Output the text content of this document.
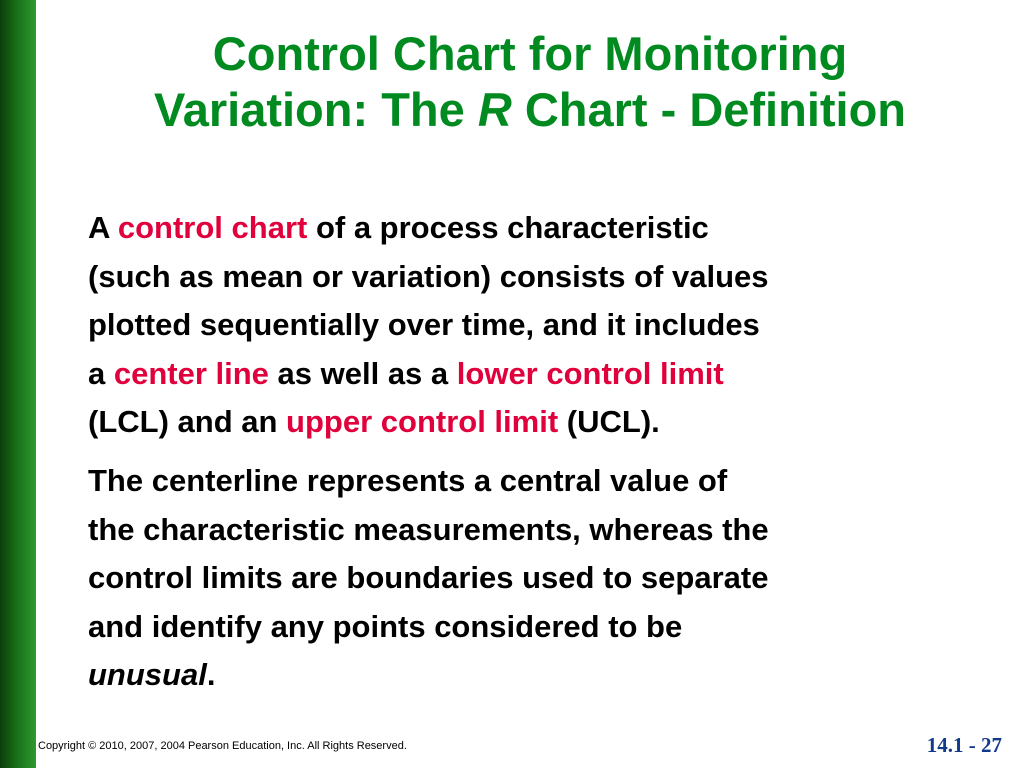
Control Chart for Monitoring
Variation: The R Chart - Definition
A control chart of a process characteristic
(such as mean or variation) consists of values
plotted sequentially over time, and it includes
a center line as well as a lower control limit
(LCL) and an upper control limit (UCL).
The centerline represents a central value of
the characteristic measurements, whereas the
control limits are boundaries used to separate
and identify any points considered to be
unusual.
Copyright © 2010, 2007, 2004 Pearson Education, Inc. All Rights Reserved.	14.1 - 27
